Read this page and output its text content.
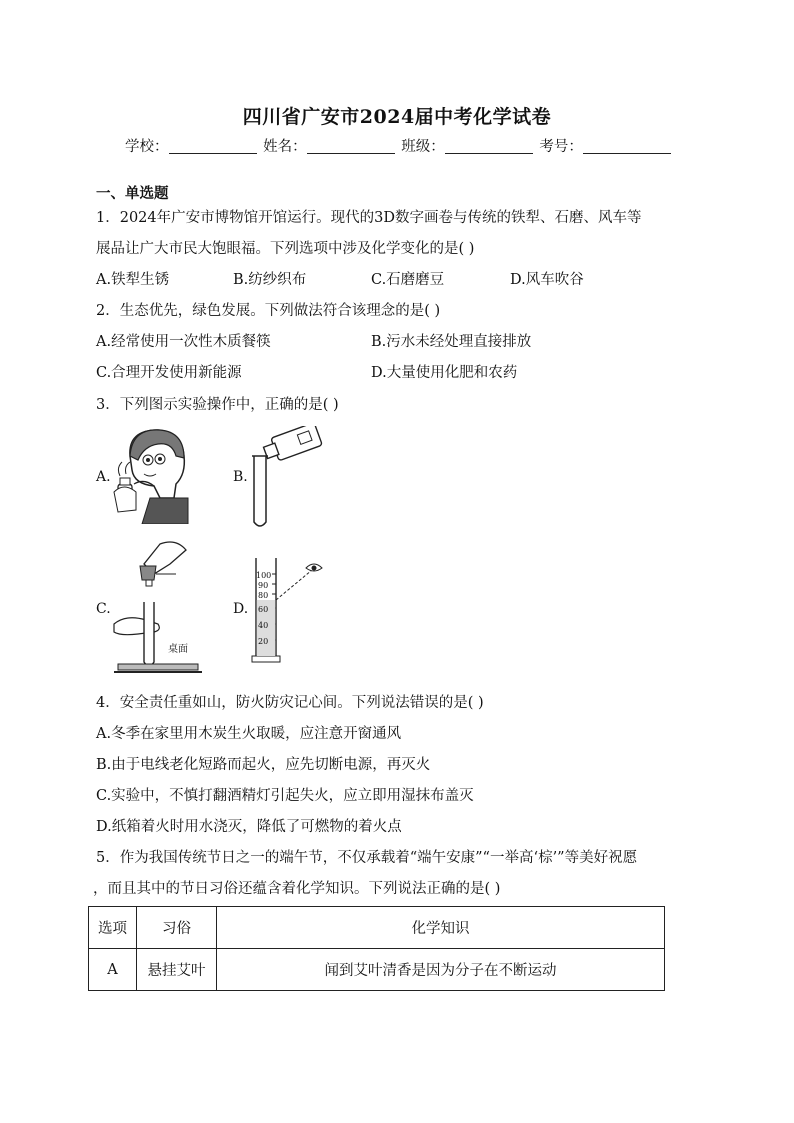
四川省广安市2024届中考化学试卷
学校：	姓名：	班级：	考号：
一、单选题
1．2024年广安市博物馆开馆运行。现代的3D数字画卷与传统的铁犁、石磨、风车等
展品让广大市民大饱眼福。下列选项中涉及化学变化的是( )
A.铁犁生锈	B.纺纱织布	C.石磨磨豆	D.风车吹谷
2．生态优先，绿色发展。下列做法符合该理念的是( )
A.经常使用一次性木质餐筷	B.污水未经处理直接排放
C.合理开发使用新能源	D.大量使用化肥和农药
3．下列图示实验操作中，正确的是( )
A.	B.
C.
桌面
D.
100
90
80
60
40
20
4．安全责任重如山，防火防灾记心间。下列说法错误的是( )
A.冬季在家里用木炭生火取暖，应注意开窗通风
B.由于电线老化短路而起火，应先切断电源，再灭火
C.实验中，不慎打翻酒精灯引起失火，应立即用湿抹布盖灭
D.纸箱着火时用水浇灭，降低了可燃物的着火点
5．作为我国传统节日之一的端午节，不仅承载着“端午安康”“一举高‘棕’”等美好祝愿
，而且其中的节日习俗还蕴含着化学知识。下列说法正确的是( )
选项	习俗	化学知识
A	悬挂艾叶	闻到艾叶清香是因为分子在不断运动
